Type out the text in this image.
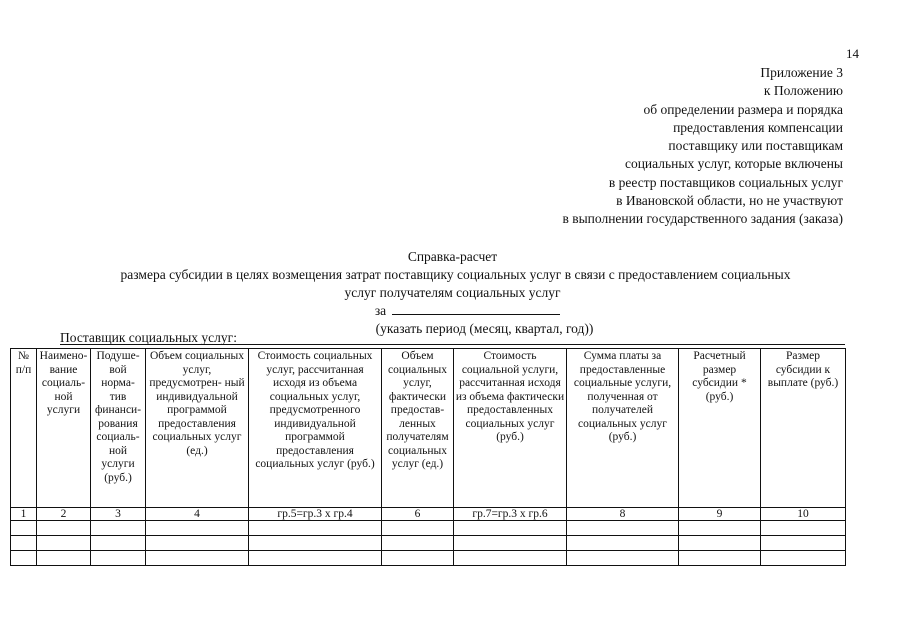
14
Приложение 3
к Положению
об определении размера и порядка
предоставления компенсации
поставщику или поставщикам
социальных услуг, которые включены
в реестр поставщиков социальных услуг
в Ивановской области, но не участвуют
в выполнении государственного задания (заказа)
Справка-расчет
размера субсидии в целях возмещения затрат поставщику социальных услуг в связи с предоставлением социальных
услуг получателям социальных услуг
за
(указать период (месяц, квартал, год))
Поставщик социальных услуг:
№ п/п	Наимено- вание социаль- ной услуги	Подуше- вой норма- тив финанси- рования социаль- ной услуги (руб.)	Объем социальных услуг, предусмотрен- ный индивидуальной программой предоставления социальных услуг (ед.)	Стоимость социальных услуг, рассчитанная исходя из объема социальных услуг, предусмотренного индивидуальной программой предоставления социальных услуг (руб.)	Объем социальных услуг, фактически предостав- ленных получателям социальных услуг (ед.)	Стоимость социальной услуги, рассчитанная исходя из объема фактически предоставленных социальных услуг (руб.)	Сумма платы за предоставленные социальные услуги, полученная от получателей социальных услуг (руб.)	Расчетный размер субсидии * (руб.)	Размер субсидии к выплате (руб.)
1	2	3	4	гр.5=гр.3 х гр.4	6	гр.7=гр.3 х гр.6	8	9	10
